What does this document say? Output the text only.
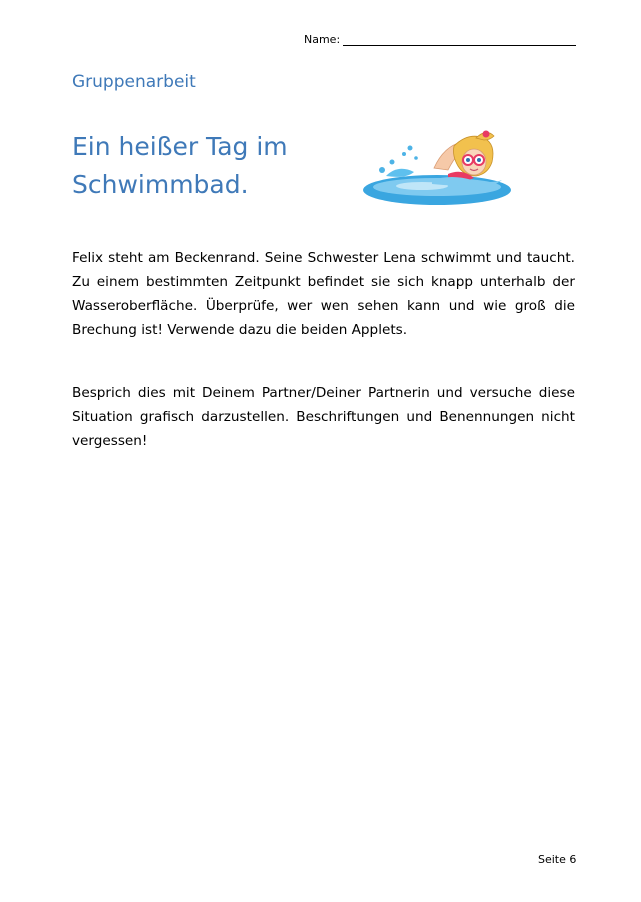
Name:
Gruppenarbeit
Ein heißer Tag im
Schwimmbad.

Felix steht am Beckenrand. Seine Schwester Lena schwimmt und taucht. Zu einem bestimmten Zeitpunkt befindet sie sich knapp unterhalb der Wasseroberfläche. Überprüfe, wer wen sehen kann und wie groß die Brechung ist! Verwende dazu die beiden Applets.

Besprich dies mit Deinem Partner/Deiner Partnerin und versuche diese Situation grafisch darzustellen. Beschriftungen und Benennungen nicht vergessen!

Seite 6
